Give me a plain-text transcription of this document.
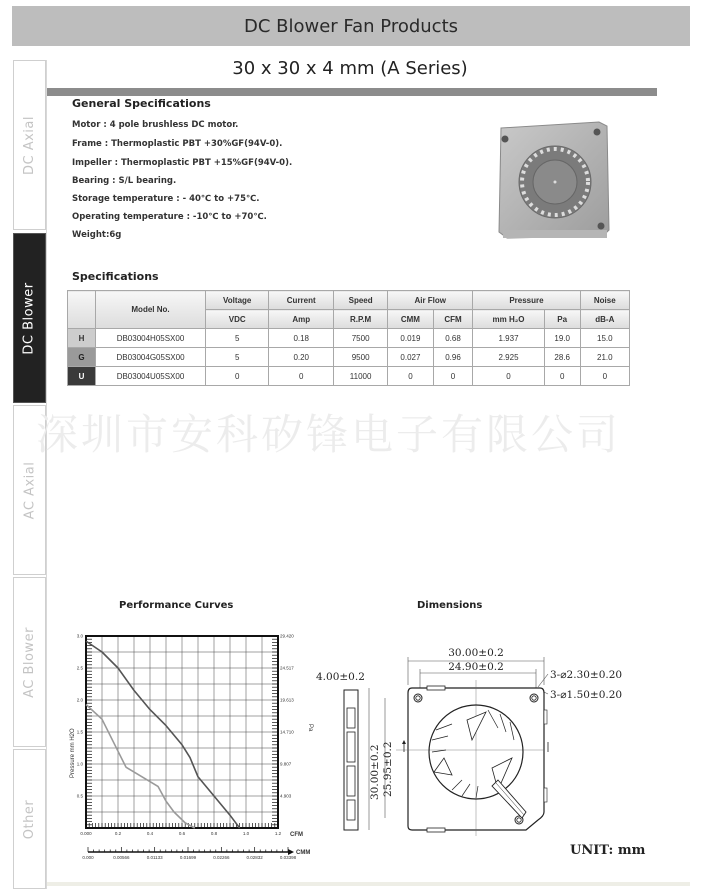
DC Blower Fan Products
DC Axial
DC Blower
AC Axial
AC Blower
Other
30 x 30 x 4 mm (A Series)
General Specifications
Motor : 4 pole brushless DC motor.
Frame : Thermoplastic PBT +30%GF(94V-0).
Impeller : Thermoplastic PBT +15%GF(94V-0).
Bearing : S/L bearing.
Storage temperature : - 40℃ to +75℃.
Operating temperature : -10℃ to +70℃.
Weight:6g
Specifications
	Model No.	Voltage	Current	Speed	Air Flow		Pressure		Noise
		VDC	Amp	R.P.M	CMM	CFM	mm H₂O	Pa	dB-A
H	DB03004H05SX00	5	0.18	7500	0.019	0.68	1.937	19.0	15.0
G	DB03004G05SX00	5	0.20	9500	0.027	0.96	2.925	28.6	21.0
U	DB03004U05SX00	0	0	11000	0	0	0	0	0
深圳市安科矽锋电子有限公司
Performance Curves	Dimensions
0.000	0.2	0.4	0.6	0.8	1.0	1.2
0.000	0.00566	0.01133	0.01699	0.02266	0.02832	0.03398
3.0
2.5
2.0
1.5
1.0
0.5
29.420
24.517
19.613
14.710
9.807
4.903
Pressure mm H2O
Pa
CFM
CMM
30.00±0.2
24.90±0.2
4.00±0.2	3-⌀2.30±0.20
3-⌀1.50±0.20
30.00±0.2 25.95±0.2
UNIT: mm
